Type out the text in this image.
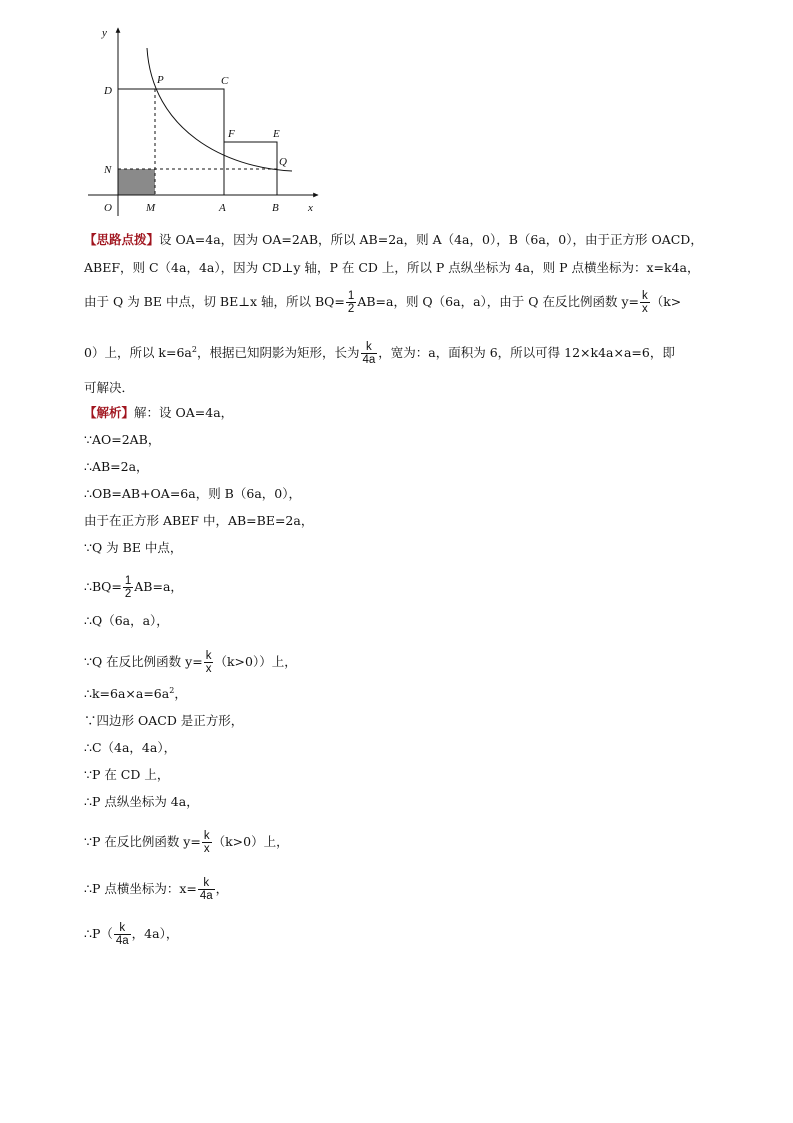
y
x
O	M	A	B
N
D
P	C
F	E
Q
【思路点拨】设 OA=4a，因为 OA=2AB，所以 AB=2a，则 A（4a，0），B（6a，0），由于正方形 OACD，
ABEF，则 C（4a，4a），因为 CD⊥y 轴，P 在 CD 上，所以 P 点纵坐标为 4a，则 P 点横坐标为：x=k4a，
由于 Q 为 BE 中点，切 BE⊥x 轴，所以 $BQ= \frac{1}{2} AB=a$，则 Q（6a，a），由于 Q 在反比例函数 $y= \frac{k}{x} (k>$
0）上，所以 $k=6a^2$，根据已知阴影为矩形，长为 $\frac{k}{4a}$ ，宽为：a，面积为 6，所以可得 12×k4a×a=6，即
可解决．
【解析】解：设 OA=4a，
∵AO=2AB，
∴AB=2a，
∴OB=AB+OA=6a，则 B（6a，0），
由于在正方形 ABEF 中，AB=BE=2a，
∵Q 为 BE 中点，
∴BQ= $\frac{1}{2} AB=a$，
∴Q（6a，a），
∵Q 在反比例函数 $y= \frac{k}{x} (k>0)$）上，
$\therefore k=6a\times a=6a^2$，
∵四边形 OACD 是正方形，
∴C（4a，4a），
∵P 在 CD 上，
∴P 点纵坐标为 4a，
∵P 在反比例函数 $y= \frac{k}{x} (k>0)$上，
∴P 点横坐标为：$x= \frac{k}{4a}$ ，
∴P（ $\frac{k}{4a}$ ，4a），
